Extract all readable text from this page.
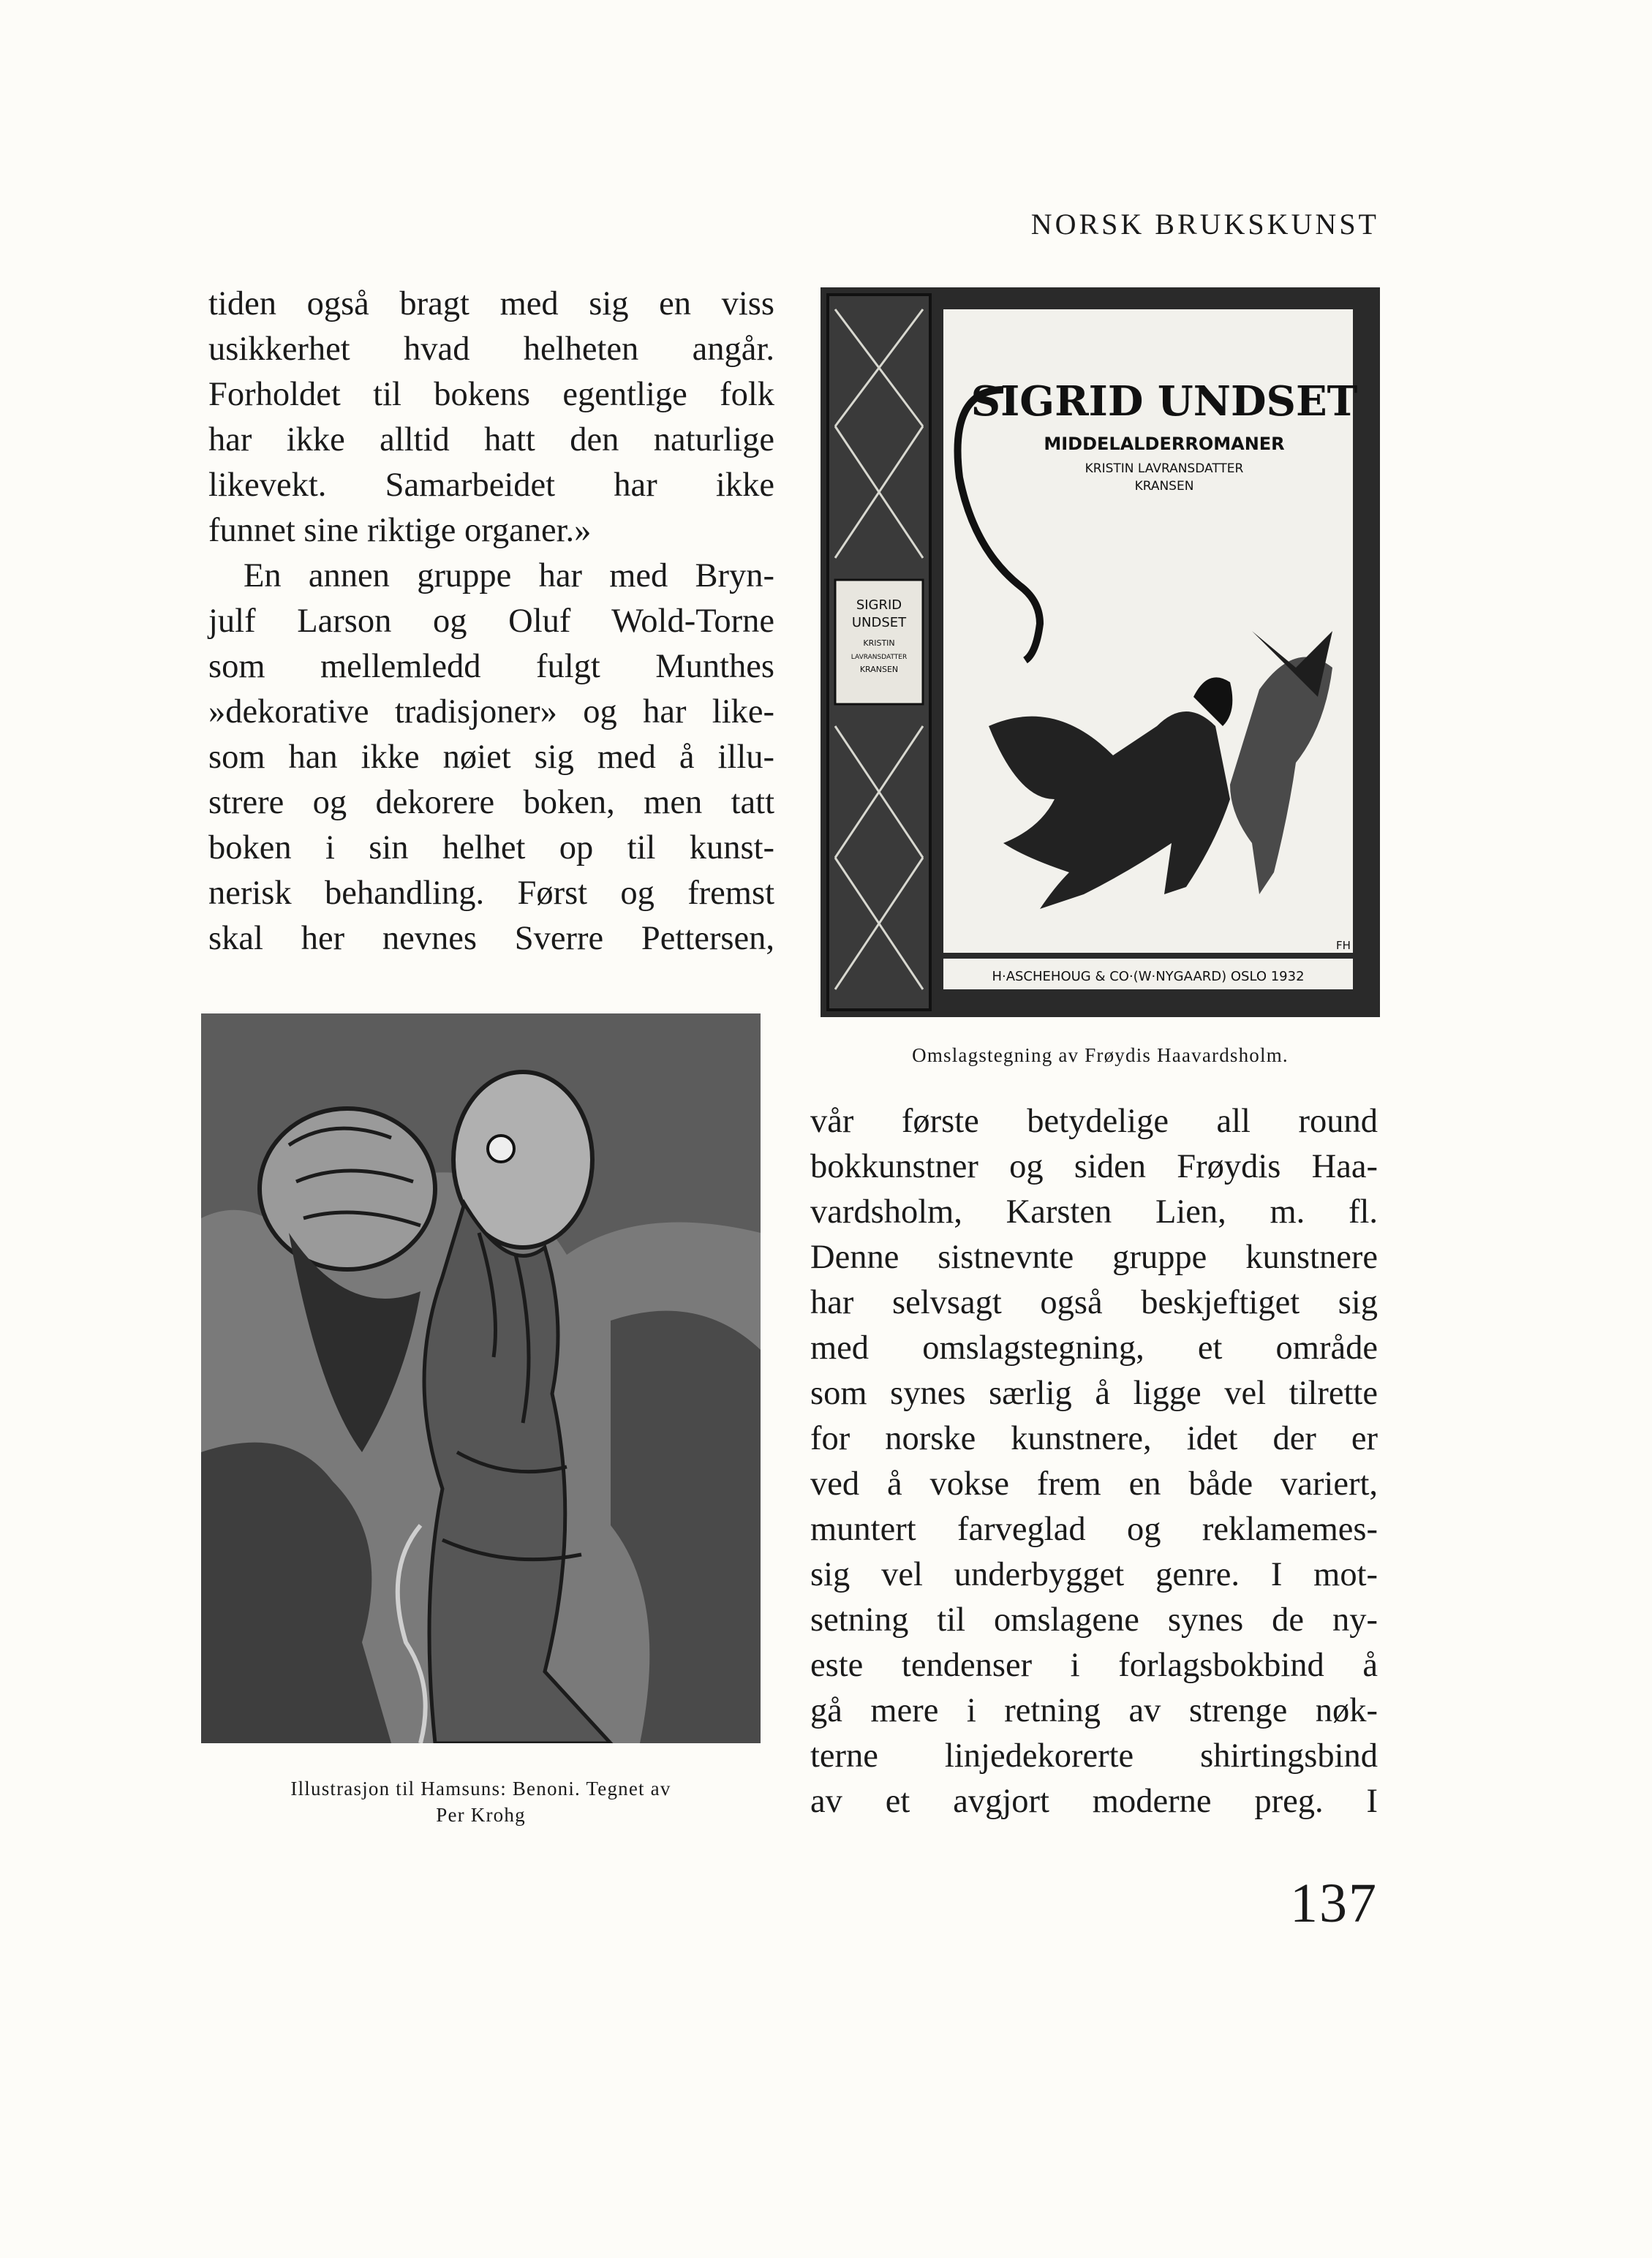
NORSK BRUKSKUNST
tiden også bragt med sig en viss
usikkerhet hvad helheten angår.
Forholdet til bokens egentlige folk
har ikke alltid hatt den naturlige
likevekt. Samarbeidet har ikke
funnet sine riktige organer.»
En annen gruppe har med Bryn-
julf Larson og Oluf Wold-Torne
som mellemledd fulgt Munthes
»dekorative tradisjoner» og har like-
som han ikke nøiet sig med å illu-
strere og dekorere boken, men tatt
boken i sin helhet op til kunst-
nerisk behandling. Først og fremst
skal her nevnes Sverre Pettersen,
SIGRID
UNDSET
KRISTIN
LAVRANSDATTER
KRANSEN
SIGRID UNDSET
MIDDELALDERROMANER
KRISTIN LAVRANSDATTER
KRANSEN
FH
H·ASCHEHOUG & CO·(W·NYGAARD) OSLO 1932
Omslagstegning av Frøydis Haavardsholm.
Illustrasjon til Hamsuns: Benoni. Tegnet av
Per Krohg
vår første betydelige all round
bokkunstner og siden Frøydis Haa-
vardsholm, Karsten Lien, m. fl.
Denne sistnevnte gruppe kunstnere
har selvsagt også beskjeftiget sig
med omslagstegning, et område
som synes særlig å ligge vel tilrette
for norske kunstnere, idet der er
ved å vokse frem en både variert,
muntert farveglad og reklamemes-
sig vel underbygget genre. I mot-
setning til omslagene synes de ny-
este tendenser i forlagsbokbind å
gå mere i retning av strenge nøk-
terne linjedekorerte shirtingsbind
av et avgjort moderne preg. I
137
